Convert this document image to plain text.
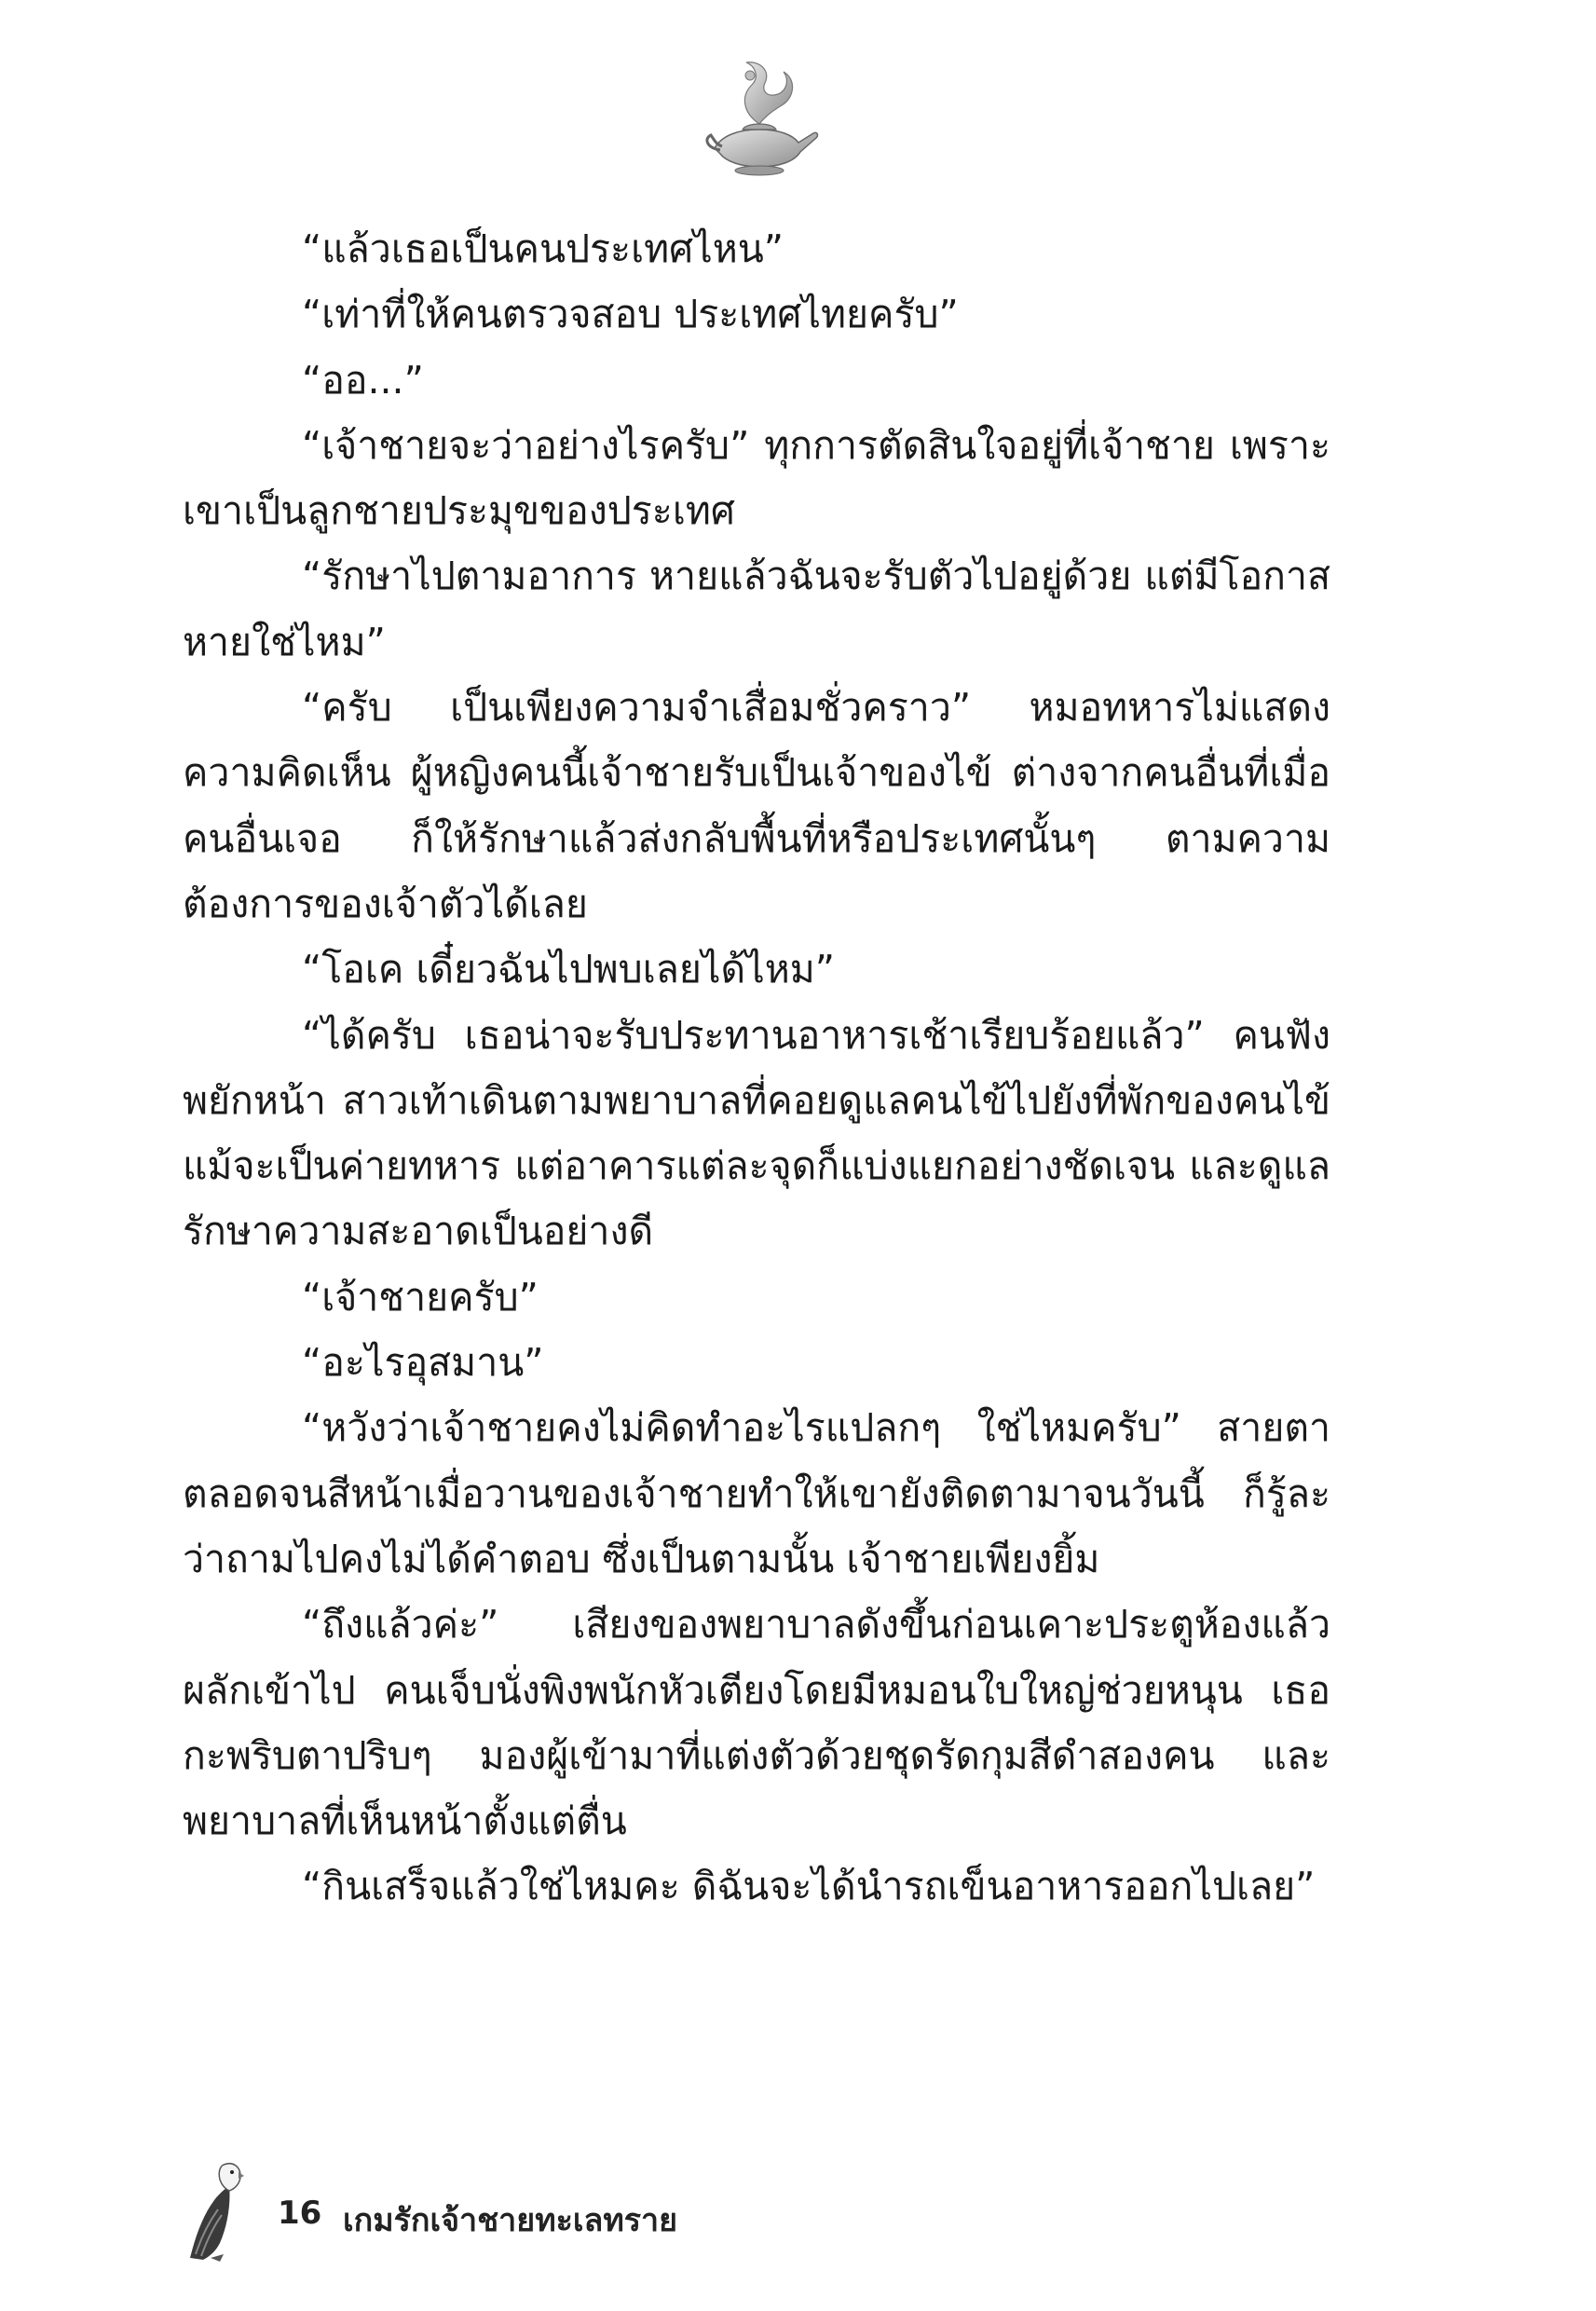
“แล้วเธอเป็นคนประเทศไหน”

“เท่าที่ให้คนตรวจสอบ ประเทศไทยครับ”

“ออ...”

“เจ้าชายจะว่าอย่างไรครับ” ทุกการตัดสินใจอยู่ที่เจ้าชาย เพราะเขาเป็นลูกชายประมุขของประเทศ

“รักษาไปตามอาการ หายแล้วฉันจะรับตัวไปอยู่ด้วย แต่มีโอกาสหายใช่ไหม”

“ครับ เป็นเพียงความจำเสื่อมชั่วคราว” หมอทหารไม่แสดงความคิดเห็น ผู้หญิงคนนี้เจ้าชายรับเป็นเจ้าของไข้ ต่างจากคนอื่นที่เมื่อคนอื่นเจอ ก็ให้รักษาแล้วส่งกลับพื้นที่หรือประเทศนั้นๆ ตามความต้องการของเจ้าตัวได้เลย

“โอเค เดี๋ยวฉันไปพบเลยได้ไหม”

“ได้ครับ เธอน่าจะรับประทานอาหารเช้าเรียบร้อยแล้ว” คนฟังพยักหน้า สาวเท้าเดินตามพยาบาลที่คอยดูแลคนไข้ไปยังที่พักของคนไข้ แม้จะเป็นค่ายทหาร แต่อาคารแต่ละจุดก็แบ่งแยกอย่างชัดเจน และดูแลรักษาความสะอาดเป็นอย่างดี

“เจ้าชายครับ”

“อะไรอุสมาน”

“หวังว่าเจ้าชายคงไม่คิดทำอะไรแปลกๆ ใช่ไหมครับ” สายตาตลอดจนสีหน้าเมื่อวานของเจ้าชายทำให้เขายังติดตามาจนวันนี้ ก็รู้ละว่าถามไปคงไม่ได้คำตอบ ซึ่งเป็นตามนั้น เจ้าชายเพียงยิ้ม

“ถึงแล้วค่ะ” เสียงของพยาบาลดังขึ้นก่อนเคาะประตูห้องแล้วผลักเข้าไป คนเจ็บนั่งพิงพนักหัวเตียงโดยมีหมอนใบใหญ่ช่วยหนุน เธอกะพริบตาปริบๆ มองผู้เข้ามาที่แต่งตัวด้วยชุดรัดกุมสีดำสองคน และพยาบาลที่เห็นหน้าตั้งแต่ตื่น

“กินเสร็จแล้วใช่ไหมคะ ดิฉันจะได้นำรถเข็นอาหารออกไปเลย”

16 เกมรักเจ้าชายทะเลทราย
